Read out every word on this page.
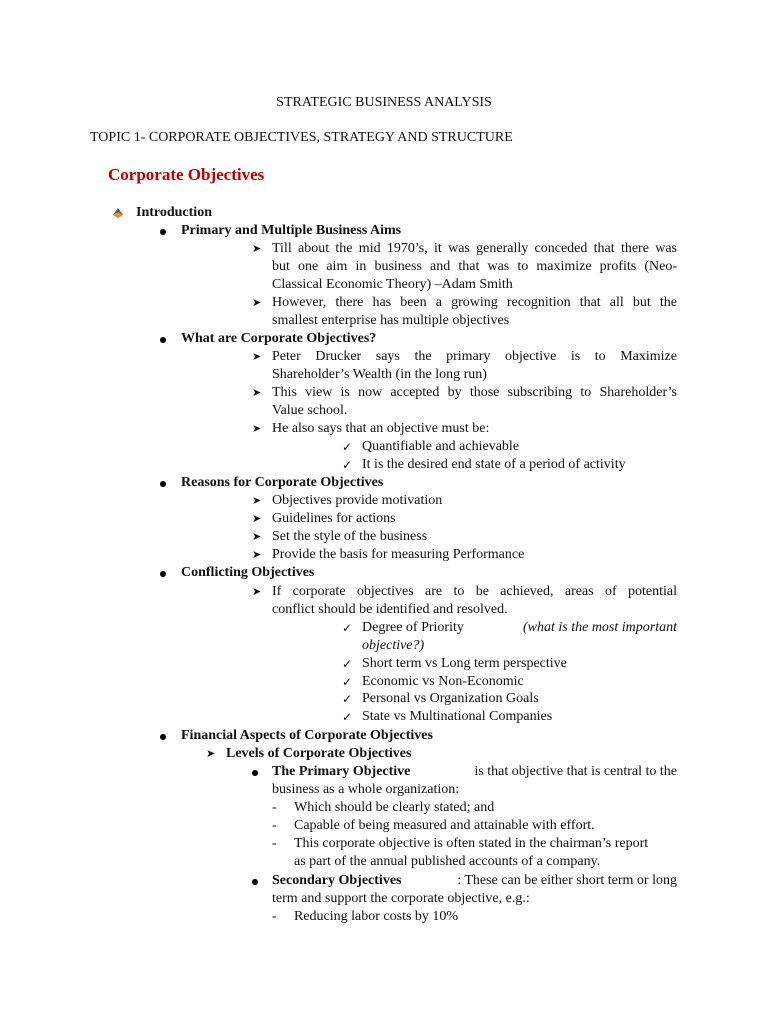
STRATEGIC BUSINESS ANALYSIS
TOPIC 1- CORPORATE OBJECTIVES, STRATEGY AND STRUCTURE
Corporate Objectives
Introduction
Primary and Multiple Business Aims
➤ Till about the mid 1970’s, it was generally conceded that there was
but one aim in business and that was to maximize profits (Neo-
Classical Economic Theory) –Adam Smith
➤ However, there has been a growing recognition that all but the
smallest enterprise has multiple objectives
What are Corporate Objectives?
➤ Peter Drucker says the primary objective is to Maximize
Shareholder’s Wealth (in the long run)
➤ This view is now accepted by those subscribing to Shareholder’s
Value school.
➤ He also says that an objective must be:
✓ Quantifiable and achievable
✓ It is the desired end state of a period of activity
Reasons for Corporate Objectives
➤ Objectives provide motivation
➤ Guidelines for actions
➤ Set the style of the business
➤ Provide the basis for measuring Performance
Conflicting Objectives
➤ If corporate objectives are to be achieved, areas of potential
conflict should be identified and resolved.
✓ Degree of Priority	(what is the most important
objective?)
✓ Short term vs Long term perspective
✓ Economic vs Non-Economic
✓ Personal vs Organization Goals
✓ State vs Multinational Companies
Financial Aspects of Corporate Objectives
➤ Levels of Corporate Objectives
The Primary Objective	is that objective that is central to the
business as a whole organization:
- Which should be clearly stated; and
- Capable of being measured and attainable with effort.
- This corporate objective is often stated in the chairman’s report
as part of the annual published accounts of a company.
Secondary Objectives	: These can be either short term or long
term and support the corporate objective, e.g.:
- Reducing labor costs by 10%
